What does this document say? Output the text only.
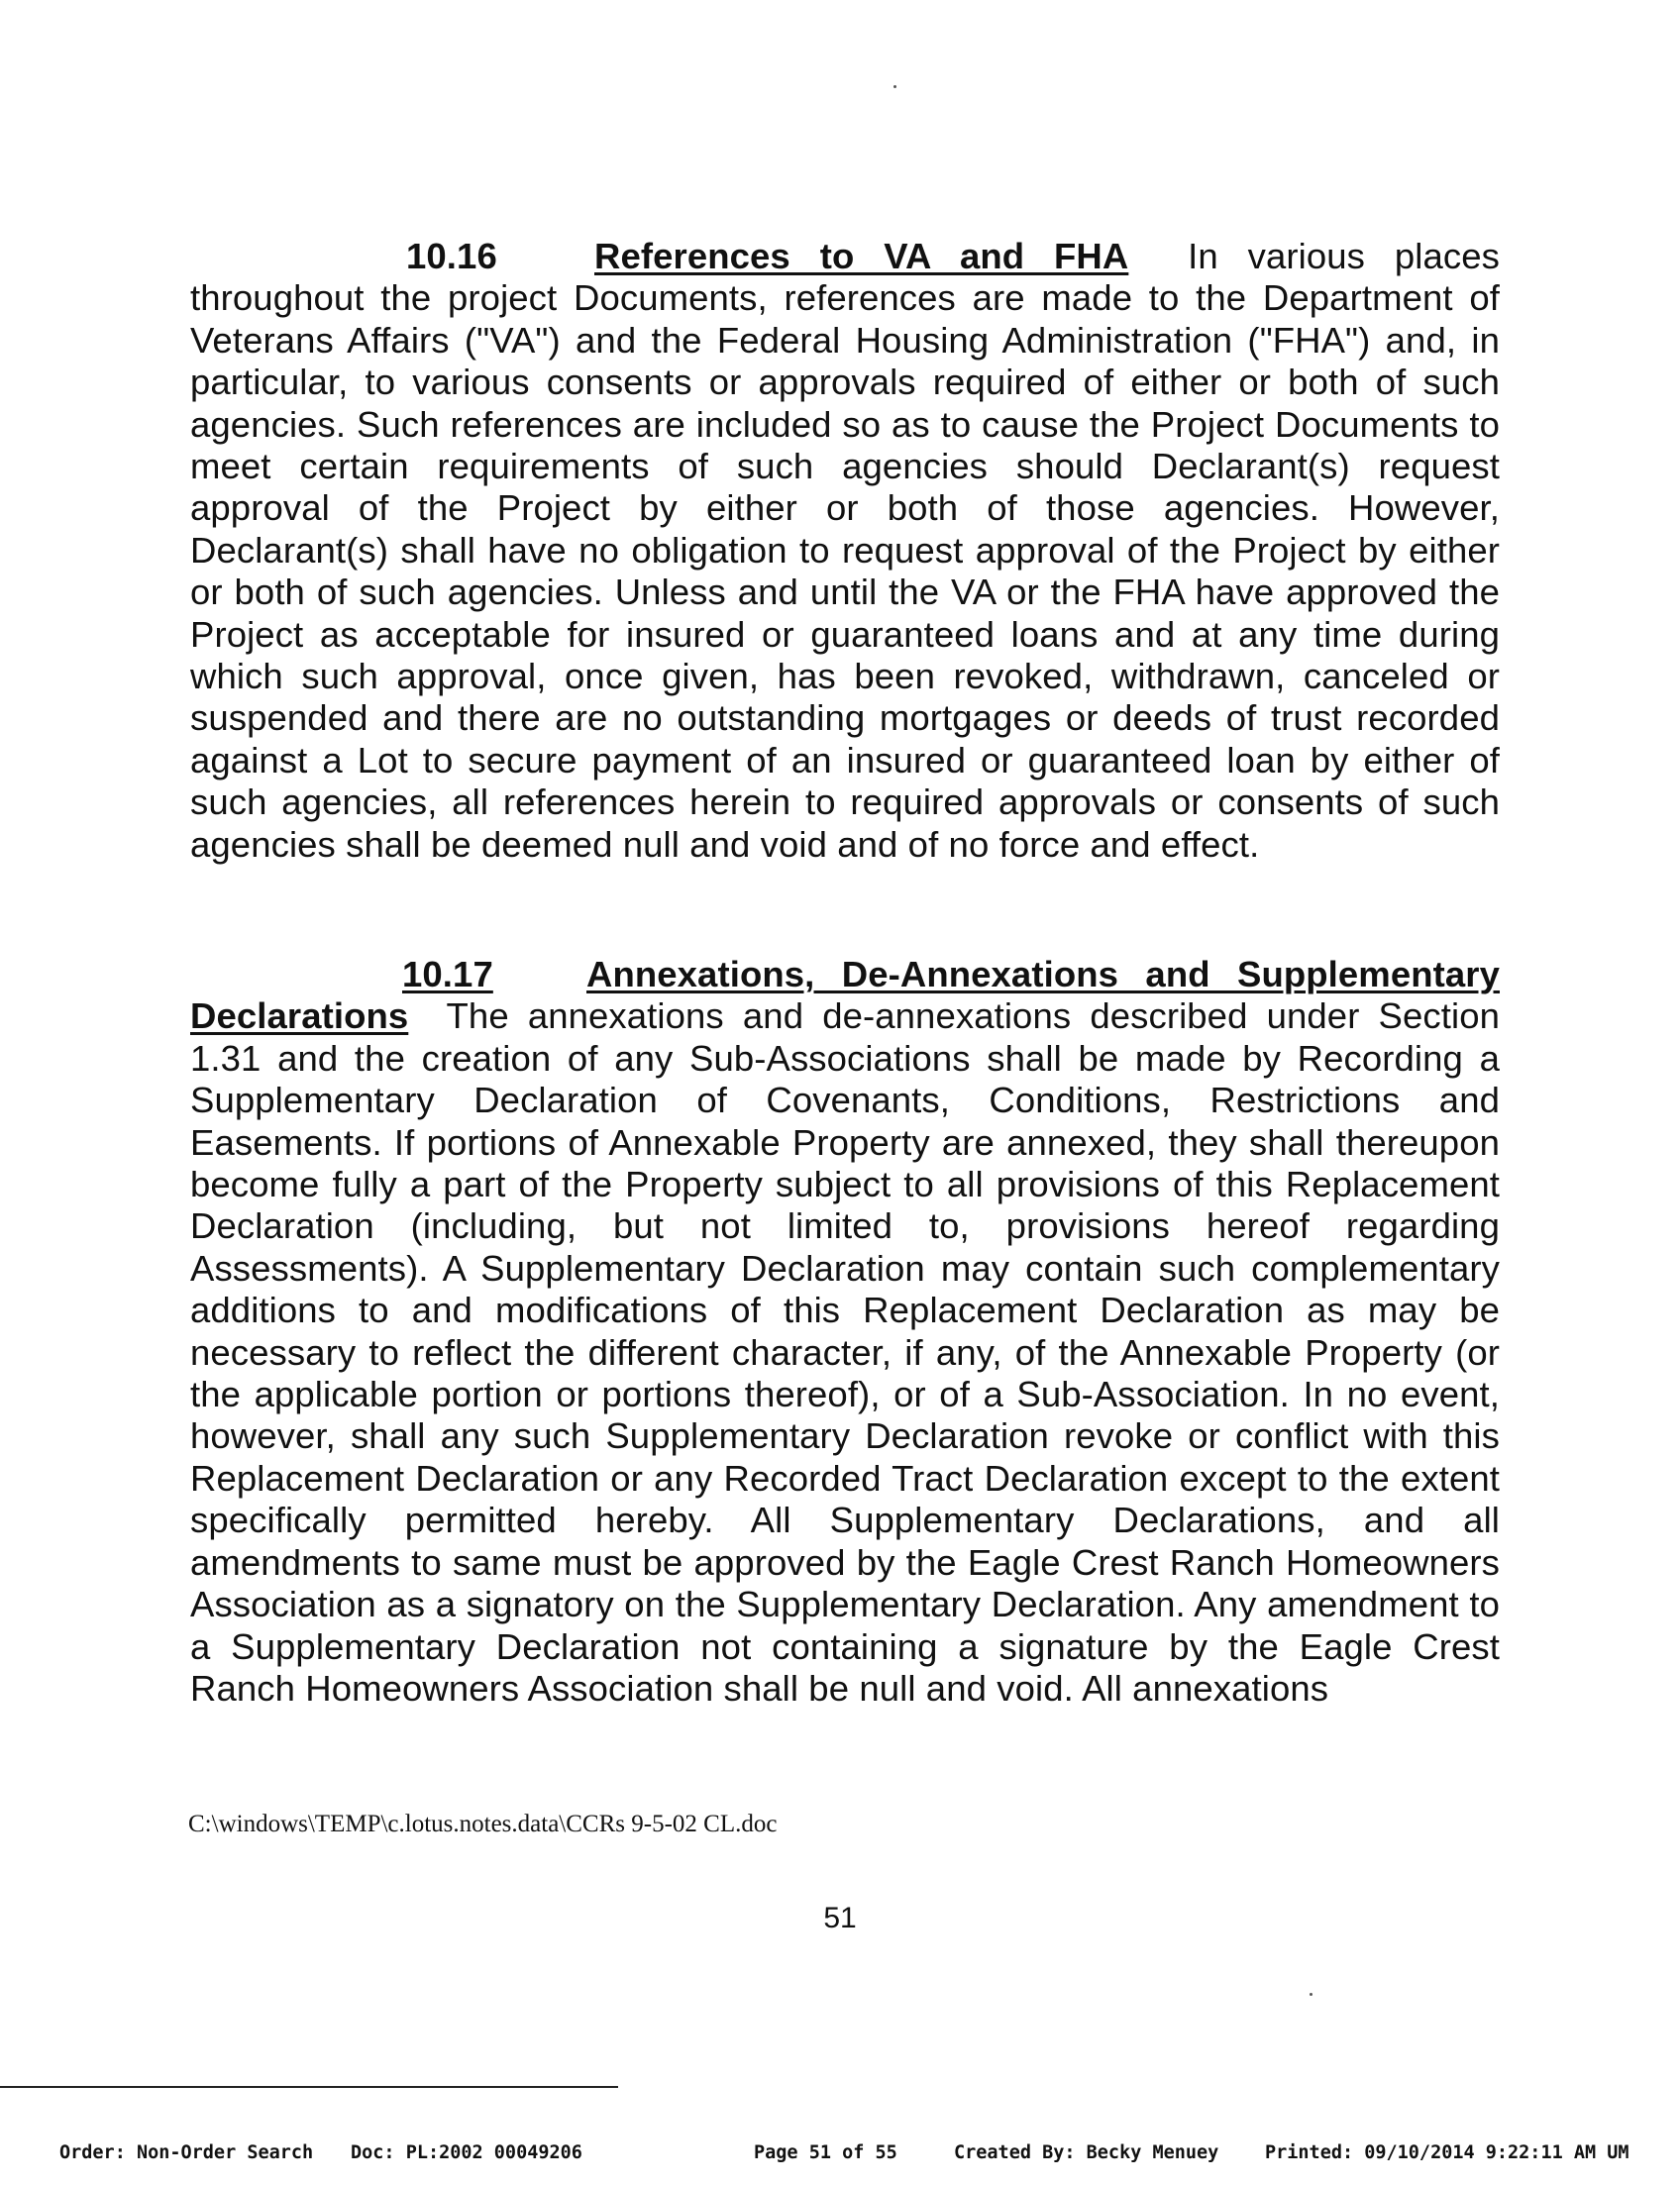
10.16	References to VA and FHA In various places throughout the project Documents, references are made to the Department of Veterans Affairs ("VA") and the Federal Housing Administration ("FHA") and, in particular, to various consents or approvals required of either or both of such agencies. Such references are included so as to cause the Project Documents to meet certain requirements of such agencies should Declarant(s) request approval of the Project by either or both of those agencies. However, Declarant(s) shall have no obligation to request approval of the Project by either or both of such agencies. Unless and until the VA or the FHA have approved the Project as acceptable for insured or guaranteed loans and at any time during which such approval, once given, has been revoked, withdrawn, canceled or suspended and there are no outstanding mortgages or deeds of trust recorded against a Lot to secure payment of an insured or guaranteed loan by either of such agencies, all references herein to required approvals or consents of such agencies shall be deemed null and void and of no force and effect.
10.17	Annexations, De-Annexations and Supplementary Declarations The annexations and de-annexations described under Section 1.31 and the creation of any Sub-Associations shall be made by Recording a Supplementary Declaration of Covenants, Conditions, Restrictions and Easements. If portions of Annexable Property are annexed, they shall thereupon become fully a part of the Property subject to all provisions of this Replacement Declaration (including, but not limited to, provisions hereof regarding Assessments). A Supplementary Declaration may contain such complementary additions to and modifications of this Replacement Declaration as may be necessary to reflect the different character, if any, of the Annexable Property (or the applicable portion or portions thereof), or of a Sub-Association. In no event, however, shall any such Supplementary Declaration revoke or conflict with this Replacement Declaration or any Recorded Tract Declaration except to the extent specifically permitted hereby. All Supplementary Declarations, and all amendments to same must be approved by the Eagle Crest Ranch Homeowners Association as a signatory on the Supplementary Declaration. Any amendment to a Supplementary Declaration not containing a signature by the Eagle Crest Ranch Homeowners Association shall be null and void. All annexations
C:\windows\TEMP\c.lotus.notes.data\CCRs 9-5-02 CL.doc
51
Order: Non-Order Search Doc: PL:2002 00049206	Page 51 of 55	Created By: Becky Menuey	Printed: 09/10/2014 9:22:11 AM UM
